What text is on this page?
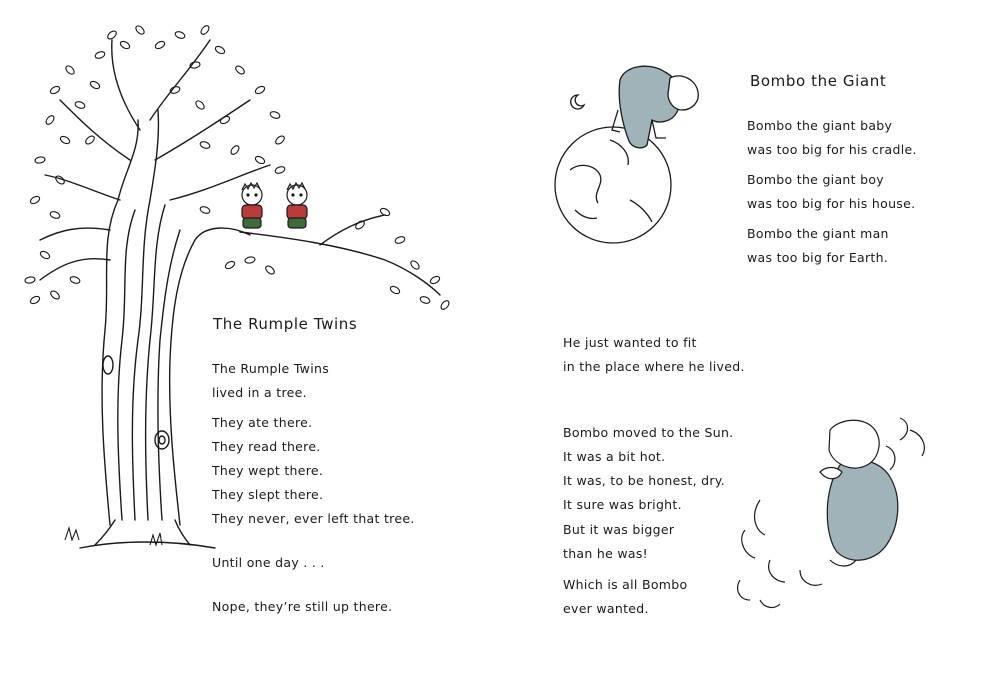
The Rumple Twins
The Rumple Twins
lived in a tree.
They ate there.
They read there.
They wept there.
They slept there.
They never, ever left that tree.
Until one day . . .
Nope, they’re still up there.
Bombo the Giant
Bombo the giant baby
was too big for his cradle.
Bombo the giant boy
was too big for his house.
Bombo the giant man
was too big for Earth.
He just wanted to fit
in the place where he lived.
Bombo moved to the Sun.
It was a bit hot.
It was, to be honest, dry.
It sure was bright.
But it was bigger
than he was!
Which is all Bombo
ever wanted.
